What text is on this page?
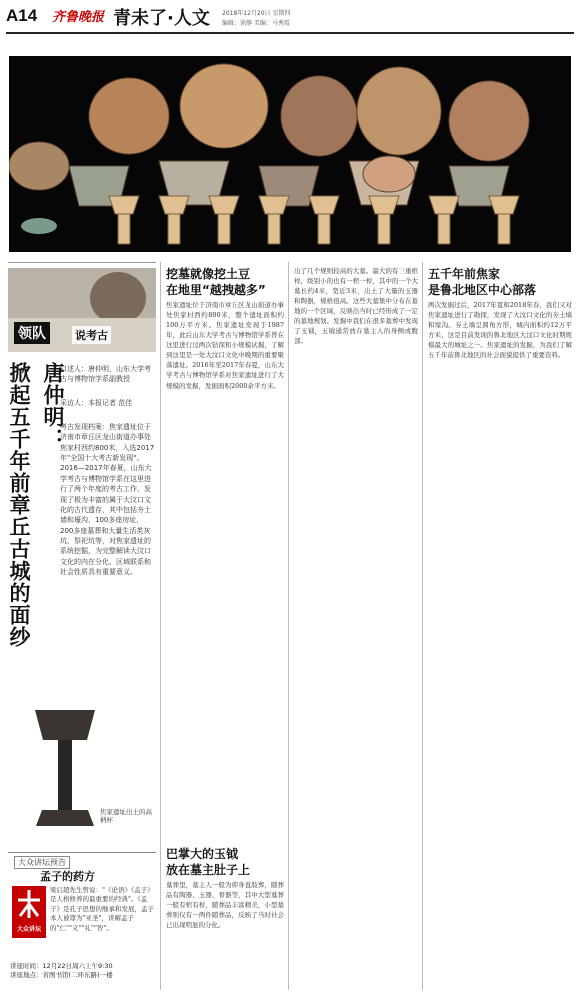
A14 齐鲁晚报 青未了·人文 2018年12月20日 星期四
编辑：徐静 美编：马秀霞
领队	说考古
唐仲明：
掀起五千年前章丘古城的面纱	口述人：唐仲明，山东大学考古与博物馆学系副教授
采访人：本报记者 范佳
考古发现档案：焦家遗址位于济南市章丘区龙山街道办事处焦家村西约800米，入选2017年"全国十大考古新发现"。2016—2017年春夏，山东大学考古与博物馆学系在这里进行了两个年度的考古工作，发现了极为丰富的属于大汶口文化的古代遗存，其中包括夯土墙和壕沟，100多座房址，200多座墓葬和大量生活类灰坑、祭祀坑等，对焦家遗址的系统挖掘，为完整解读大汶口文化的内在分化、区域联系和社会性质具有重要意义。
焦家遗址出土的高柄杯
大众讲坛预告
孟子的药方
大众讲坛
梁启超先生曾说："《论语》《孟子》是人格修养的最重要的经典"。《孟子》是孔子思想的继承和发展，孟子本人被尊为"亚圣"，讲解孟子的"仁""义""礼""智"。
讲座时间：12月22日周六上午9:30
讲座地点：省图书馆(二环东路)一楼
挖墓就像挖土豆
在地里“越拽越多”
焦家遗址位于济南市章丘区龙山街道办事处焦家村西约800米，整个遗址面积约100万平方米。焦家遗址发现于1987年，此后山东大学考古与博物馆学系曾在这里进行过两次钻探和小规模试掘，了解到这里是一处大汶口文化中晚期的重要聚落遗址。2016年至2017年春夏，山东大学考古与博物馆学系对焦家遗址进行了大规模的发掘，发掘面积2000余平方米。
巴掌大的玉钺
放在墓主肚子上
墓葬里，墓主人一般为仰身直肢葬，随葬品有陶器、玉器、骨器等，其中大型墓葬一般有棺有椁，随葬品丰富精美，小型墓葬则仅有一两件随葬品，反映了当时社会已出现明显的分化。
出了几个规则较高的大墓。最大的有三重棺椁，级别小的也有一棺一椁，其中的一个大墓长约4米，宽近3米，出土了大量的玉器和陶器，规格很高。这些大墓集中分布在墓地的一个区域，反映出当时已经形成了一定的墓地规划。发掘中我们在很多墓葬中发现了玉钺，玉钺通常放在墓主人的身侧或腹部。
五千年前焦家
是鲁北地区中心部落
两次发掘过后，2017年夏和2018年春，我们又对焦家遗址进行了勘探，发现了大汶口文化的夯土墙和壕沟。夯土墙呈圆角方形，城内面积约12万平方米，这是目前发现的鲁北地区大汶口文化时期规模最大的城址之一。焦家遗址的发掘，为我们了解五千年前鲁北地区的社会面貌提供了重要资料。
